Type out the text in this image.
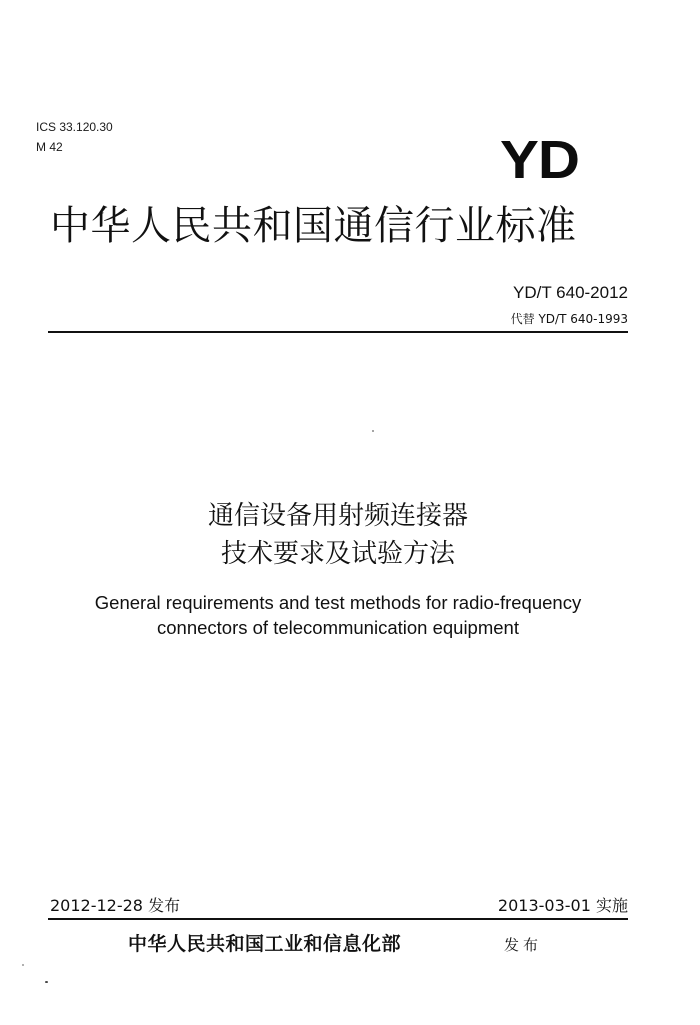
ICS 33.120.30
M 42	YD
中华人民共和国通信行业标准
YD/T 640-2012
代替 YD/T 640-1993
通信设备用射频连接器
技术要求及试验方法
General requirements and test methods for radio-frequency
connectors of telecommunication equipment
2012-12-28 发布	2013-03-01 实施
中华人民共和国工业和信息化部	发布
